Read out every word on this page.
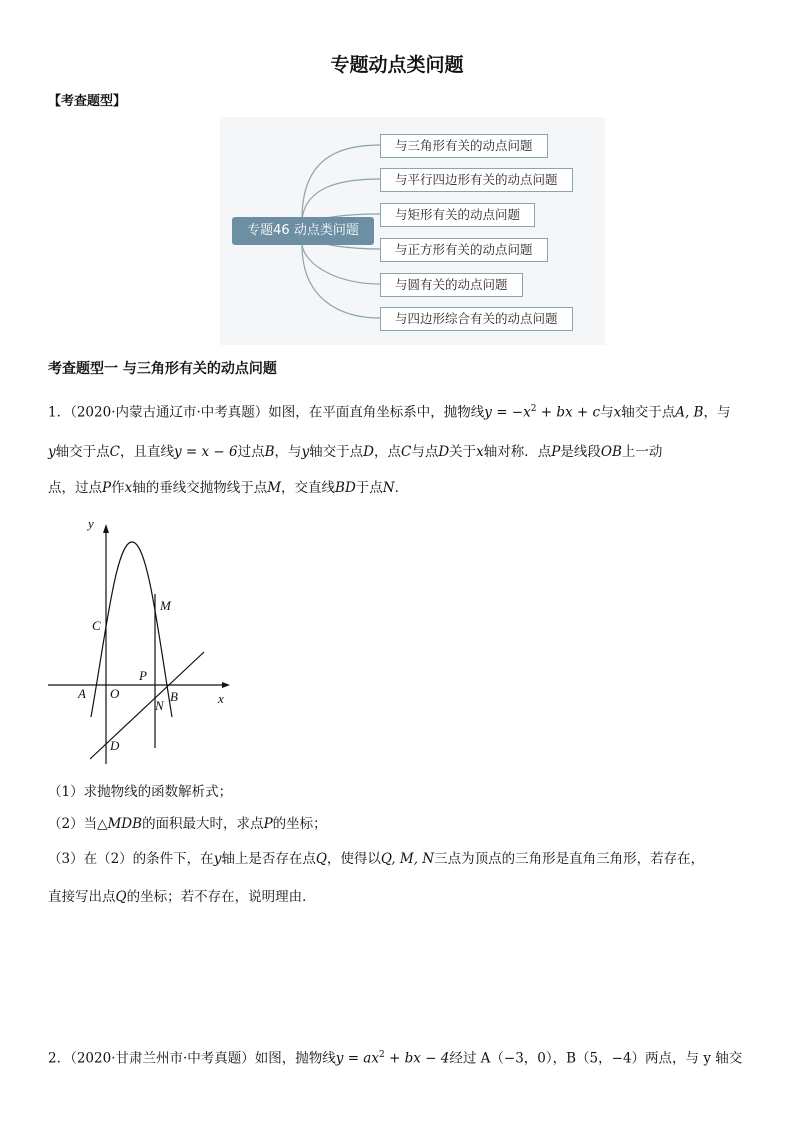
专题动点类问题
【考查题型】
专题46 动点类问题
与三角形有关的动点问题
与平行四边形有关的动点问题
与矩形有关的动点问题
与正方形有关的动点问题
与圆有关的动点问题
与四边形综合有关的动点问题
考查题型一 与三角形有关的动点问题
1．（2020·内蒙古通辽市·中考真题）如图，在平面直角坐标系中，抛物线$y = -x^2$ + bx + c与x轴交于点A, B，与
y轴交于点C，且直线y = x − 6过点B，与y轴交于点D，点C与点D关于x轴对称．点P是线段OB上一动
点，过点P作x轴的垂线交抛物线于点M，交直线BD于点N．
y
x
C
M
P
A O	B
N
D
（1）求抛物线的函数解析式；
（2）当△MDB的面积最大时，求点P的坐标；
（3）在（2）的条件下，在y轴上是否存在点Q，使得以Q, M, N三点为顶点的三角形是直角三角形，若存在，
直接写出点Q的坐标；若不存在，说明理由．
2．（2020·甘肃兰州市·中考真题）如图，抛物线$y = ax^2$ + bx − 4经过 A（−3，0），B（5，−4）两点，与 y 轴交
